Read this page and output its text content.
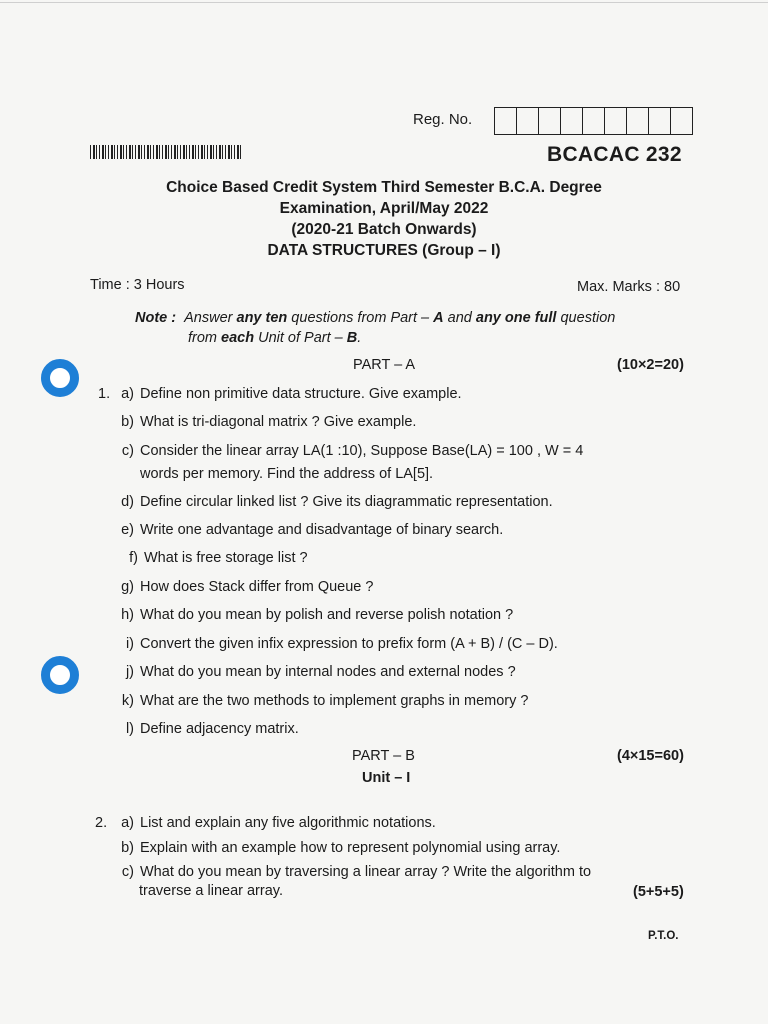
Reg. No.
BCACAC 232
Choice Based Credit System Third Semester B.C.A. Degree
Examination, April/May 2022
(2020-21 Batch Onwards)
DATA STRUCTURES (Group – I)
Time : 3 Hours	Max. Marks : 80
Note : Answer any ten questions from Part – A and any one full question
from each Unit of Part – B.
PART – A	(10×2=20)
1. a) Define non primitive data structure. Give example.
b) What is tri-diagonal matrix ? Give example.
c) Consider the linear array LA(1 :10), Suppose Base(LA) = 100 , W = 4
words per memory. Find the address of LA[5].
d) Define circular linked list ? Give its diagrammatic representation.
e) Write one advantage and disadvantage of binary search.
f) What is free storage list ?
g) How does Stack differ from Queue ?
h) What do you mean by polish and reverse polish notation ?
i) Convert the given infix expression to prefix form (A + B) / (C – D).
j) What do you mean by internal nodes and external nodes ?
k) What are the two methods to implement graphs in memory ?
l) Define adjacency matrix.
PART – B	(4×15=60)
Unit – I
2. a) List and explain any five algorithmic notations.
b) Explain with an example how to represent polynomial using array.
c) What do you mean by traversing a linear array ? Write the algorithm to
traverse a linear array.	(5+5+5)
P.T.O.
